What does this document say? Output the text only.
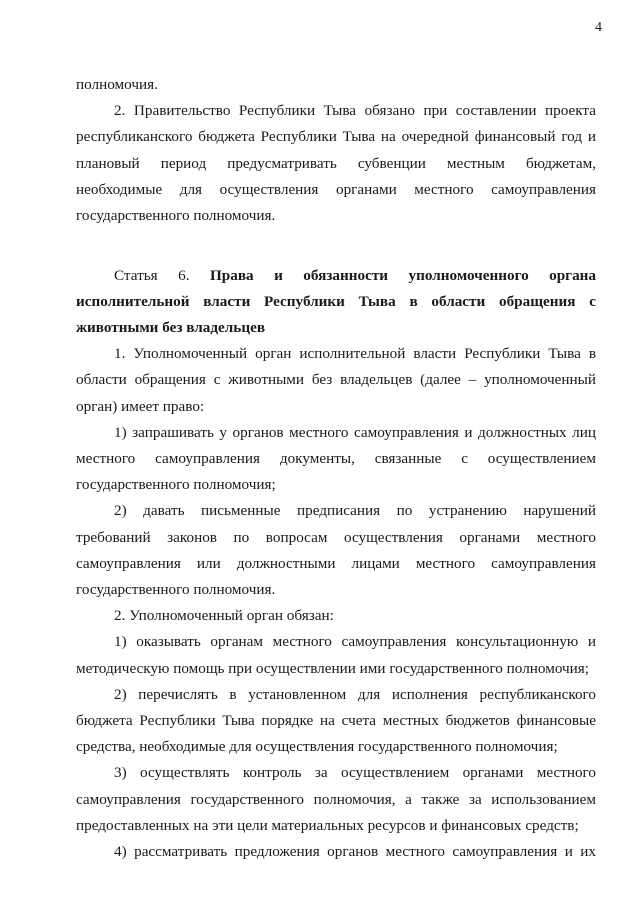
4

полномочия.

2. Правительство Республики Тыва обязано при составлении проекта республиканского бюджета Республики Тыва на очередной финансовый год и плановый период предусматривать субвенции местным бюджетам, необходимые для осуществления органами местного самоуправления государственного полномочия.

Статья 6. Права и обязанности уполномоченного органа исполнительной власти Республики Тыва в области обращения с животными без владельцев

1. Уполномоченный орган исполнительной власти Республики Тыва в области обращения с животными без владельцев (далее – уполномоченный орган) имеет право:

1) запрашивать у органов местного самоуправления и должностных лиц местного самоуправления документы, связанные с осуществлением государственного полномочия;

2) давать письменные предписания по устранению нарушений требований законов по вопросам осуществления органами местного самоуправления или должностными лицами местного самоуправления государственного полномочия.

2. Уполномоченный орган обязан:

1) оказывать органам местного самоуправления консультационную и методическую помощь при осуществлении ими государственного полномочия;

2) перечислять в установленном для исполнения республиканского бюджета Республики Тыва порядке на счета местных бюджетов финансовые средства, необходимые для осуществления государственного полномочия;

3) осуществлять контроль за осуществлением органами местного самоуправления государственного полномочия, а также за использованием предоставленных на эти цели материальных ресурсов и финансовых средств;

4) рассматривать предложения органов местного самоуправления и их
